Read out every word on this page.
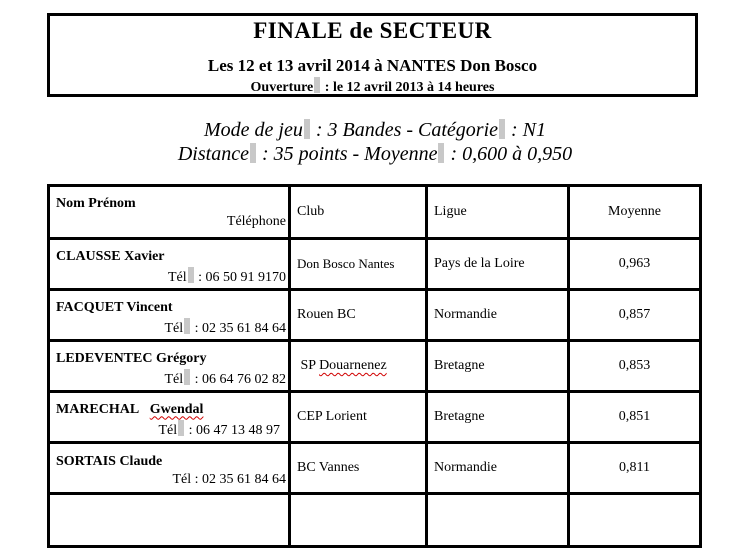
FINALE de SECTEUR
Les 12 et 13 avril 2014 à NANTES Don Bosco
Ouverture : le 12 avril 2013 à 14 heures
Mode de jeu : 3 Bandes - Catégorie : N1
Distance : 35 points - Moyenne : 0,600 à 0,950
Nom Prénom
Téléphone	Club	Ligue	Moyenne

CLAUSSE Xavier
Tél : 06 50 91 9170	Don Bosco Nantes	Pays de la Loire	0,963

FACQUET Vincent
Tél : 02 35 61 84 64	Rouen BC	Normandie	0,857

LEDEVENTEC Grégory
Tél : 06 64 76 02 82	SP Douarnenez	Bretagne	0,853

MARECHAL Gwendal
Tél : 06 47 13 48 97	CEP Lorient	Bretagne	0,851

SORTAIS Claude
Tél : 02 35 61 84 64	BC Vannes	Normandie	0,811
